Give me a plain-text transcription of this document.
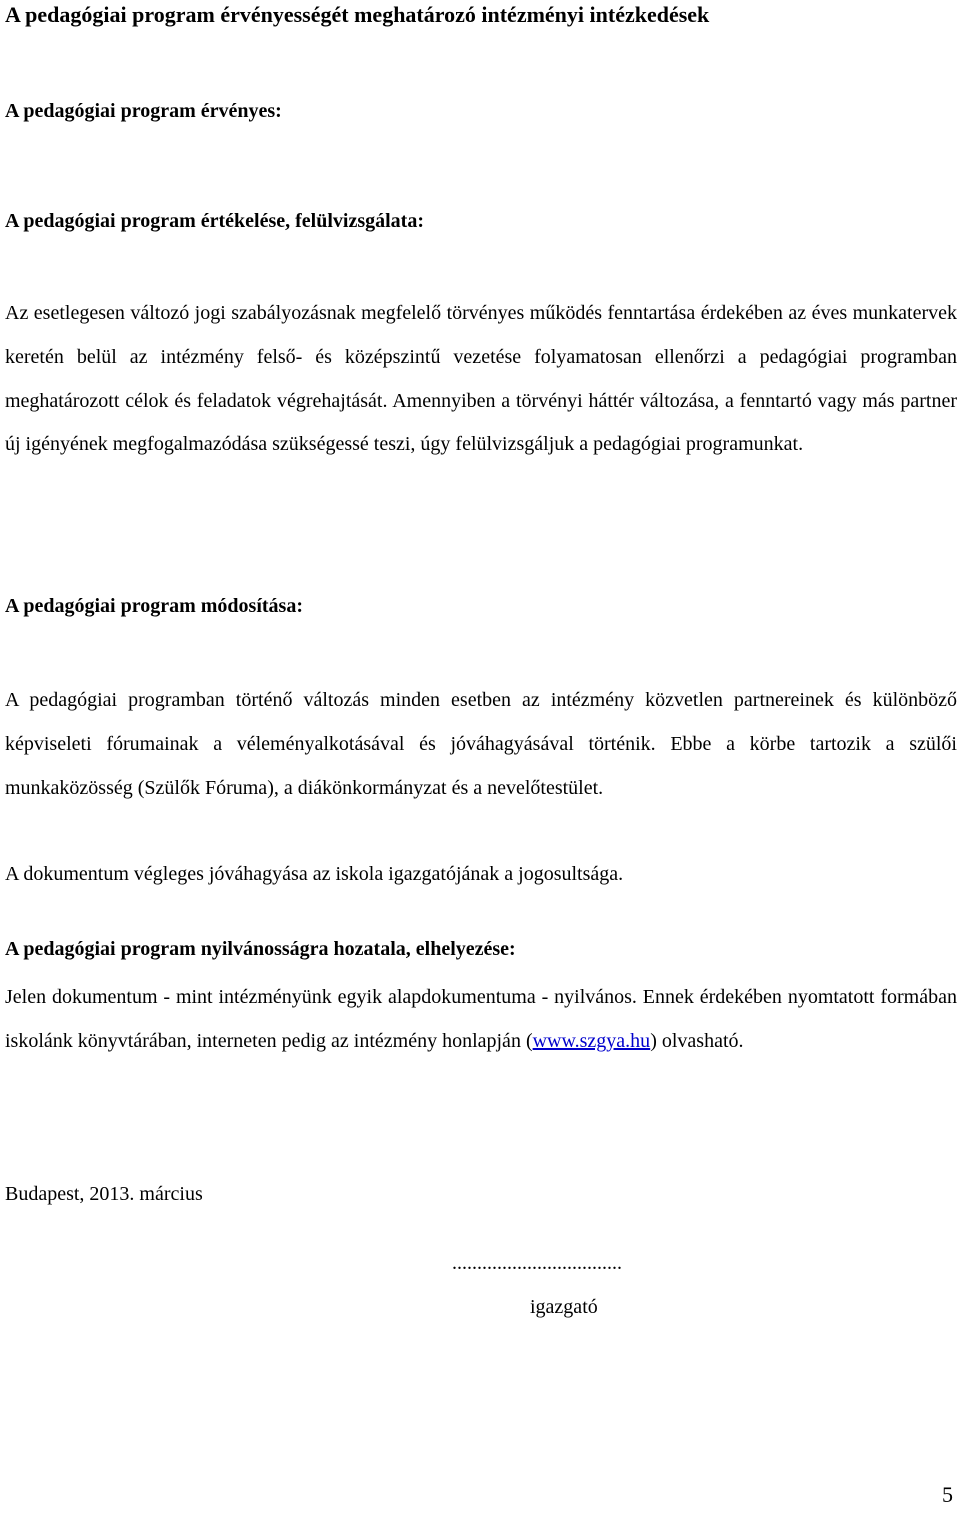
A pedagógiai program érvényességét meghatározó intézményi intézkedések
A pedagógiai program érvényes:
A pedagógiai program értékelése, felülvizsgálata:

Az esetlegesen változó jogi szabályozásnak megfelelő törvényes működés fenntartása érdekében az éves munkatervek keretén belül az intézmény felső- és középszintű vezetése folyamatosan ellenőrzi a pedagógiai programban meghatározott célok és feladatok végrehajtását. Amennyiben a törvényi háttér változása, a fenntartó vagy más partner új igényének megfogalmazódása szükségessé teszi, úgy felülvizsgáljuk a pedagógiai programunkat.

A pedagógiai program módosítása:

A pedagógiai programban történő változás minden esetben az intézmény közvetlen partnereinek és különböző képviseleti fórumainak a véleményalkotásával és jóváhagyásával történik. Ebbe a körbe tartozik a szülői munkaközösség (Szülők Fóruma), a diákönkormányzat és a nevelőtestület.

A dokumentum végleges jóváhagyása az iskola igazgatójának a jogosultsága.

A pedagógiai program nyilvánosságra hozatala, elhelyezése:

Jelen dokumentum - mint intézményünk egyik alapdokumentuma - nyilvános. Ennek érdekében nyomtatott formában iskolánk könyvtárában, interneten pedig az intézmény honlapján (www.szgya.hu) olvasható.

Budapest, 2013. március

..................................
igazgató
5
